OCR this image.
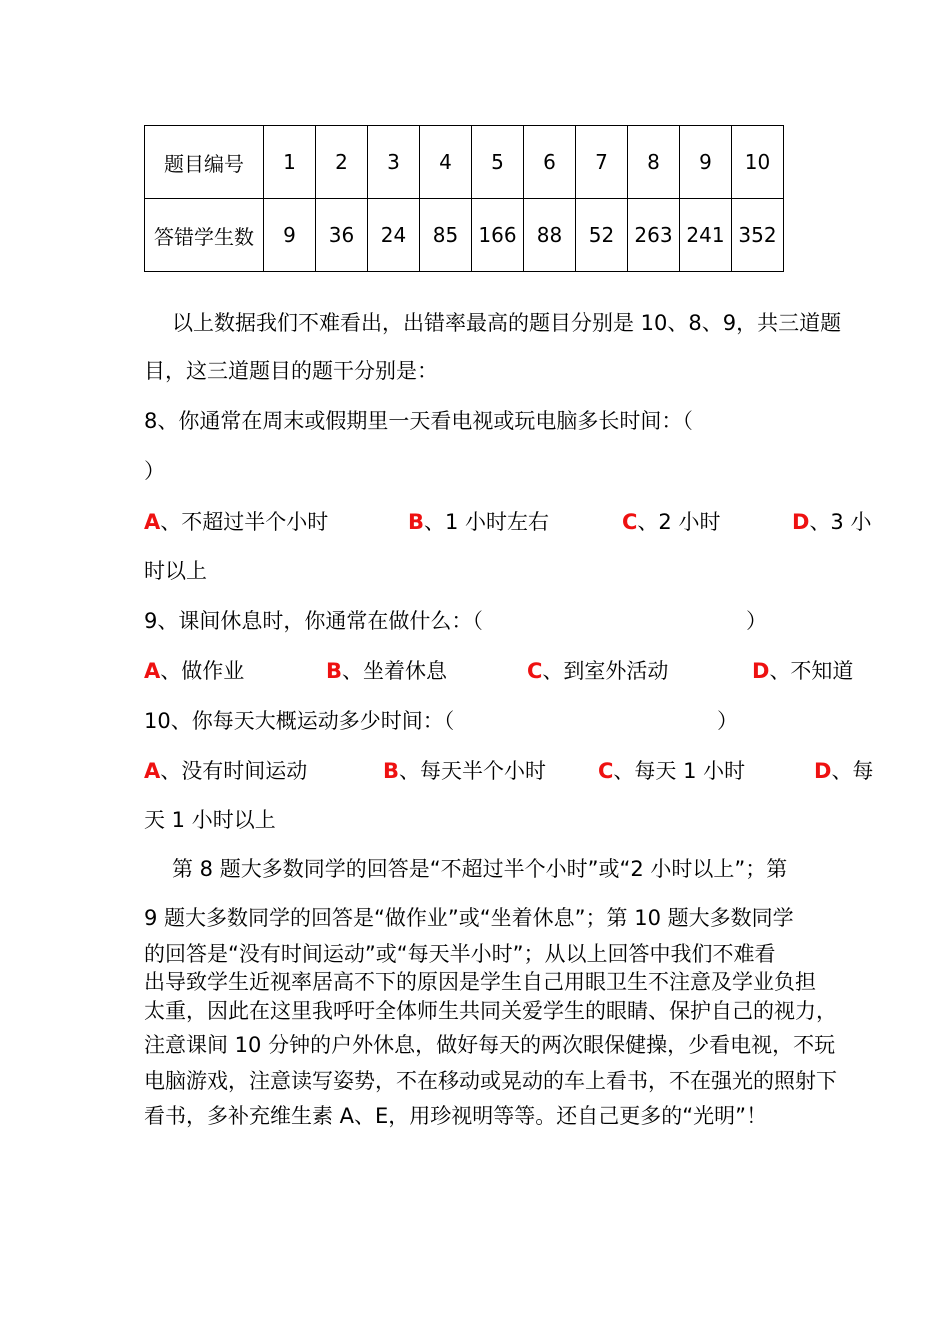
题目编号	1	2	3	4	5	6	7	8	9	10
答错学生数	9	36	24	85	166	88	52	263	241	352
以上数据我们不难看出，出错率最高的题目分别是 10、8、9，共三道题
目，这三道题目的题干分别是：
8、你通常在周末或假期里一天看电视或玩电脑多长时间：（
）
A、不超过半个小时	B、1 小时左右	C、2 小时	D、3 小
时以上
9、课间休息时，你通常在做什么：（	）
A、做作业	B、坐着休息	C、到室外活动	D、不知道
10、你每天大概运动多少时间：（	）
A、没有时间运动	B、每天半个小时 C、每天 1 小时	D、每
天 1 小时以上
第 8 题大多数同学的回答是“不超过半个小时”或“2 小时以上”；第
9 题大多数同学的回答是“做作业”或“坐着休息”；第 10 题大多数同学
的回答是“没有时间运动”或“每天半小时”；从以上回答中我们不难看
出导致学生近视率居高不下的原因是学生自己用眼卫生不注意及学业负担
太重，因此在这里我呼吁全体师生共同关爱学生的眼睛、保护自己的视力，
注意课间 10 分钟的户外休息，做好每天的两次眼保健操，少看电视，不玩
电脑游戏，注意读写姿势，不在移动或晃动的车上看书，不在强光的照射下
看书，多补充维生素 A、E，用珍视明等等。还自己更多的“光明”！
